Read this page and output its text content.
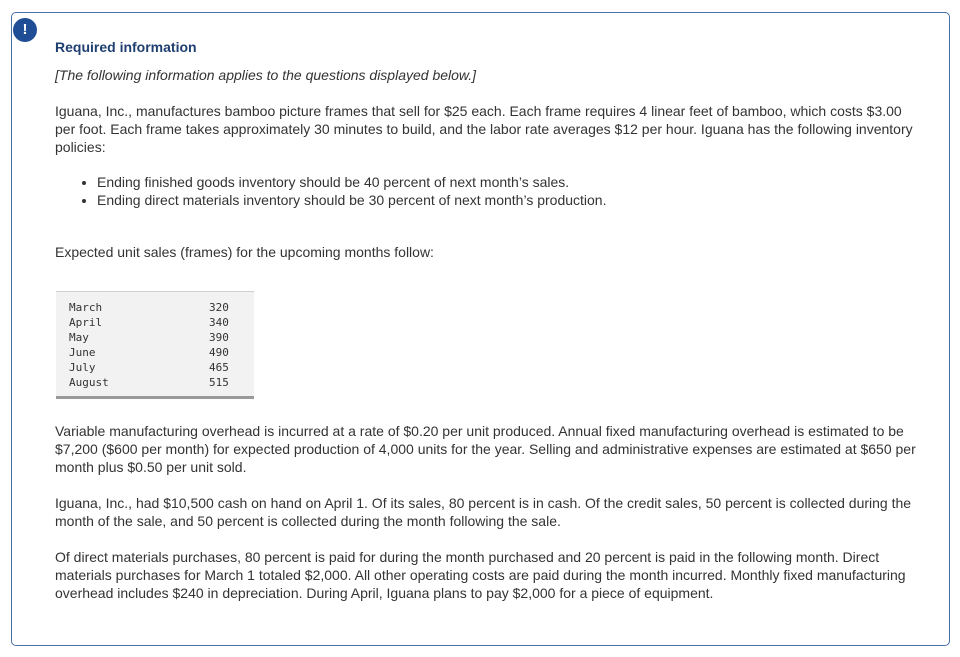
!
Required information

[The following information applies to the questions displayed below.]

Iguana, Inc., manufactures bamboo picture frames that sell for $25 each. Each frame requires 4 linear feet of bamboo, which costs $3.00 per foot. Each frame takes approximately 30 minutes to build, and the labor rate averages $12 per hour. Iguana has the following inventory policies:

• Ending finished goods inventory should be 40 percent of next month’s sales.
• Ending direct materials inventory should be 30 percent of next month’s production.

Expected unit sales (frames) for the upcoming months follow:

March	320
April	340
May	390
June	490
July	465
August	515

Variable manufacturing overhead is incurred at a rate of $0.20 per unit produced. Annual fixed manufacturing overhead is estimated to be $7,200 ($600 per month) for expected production of 4,000 units for the year. Selling and administrative expenses are estimated at $650 per month plus $0.50 per unit sold.

Iguana, Inc., had $10,500 cash on hand on April 1. Of its sales, 80 percent is in cash. Of the credit sales, 50 percent is collected during the month of the sale, and 50 percent is collected during the month following the sale.

Of direct materials purchases, 80 percent is paid for during the month purchased and 20 percent is paid in the following month. Direct materials purchases for March 1 totaled $2,000. All other operating costs are paid during the month incurred. Monthly fixed manufacturing overhead includes $240 in depreciation. During April, Iguana plans to pay $2,000 for a piece of equipment.
